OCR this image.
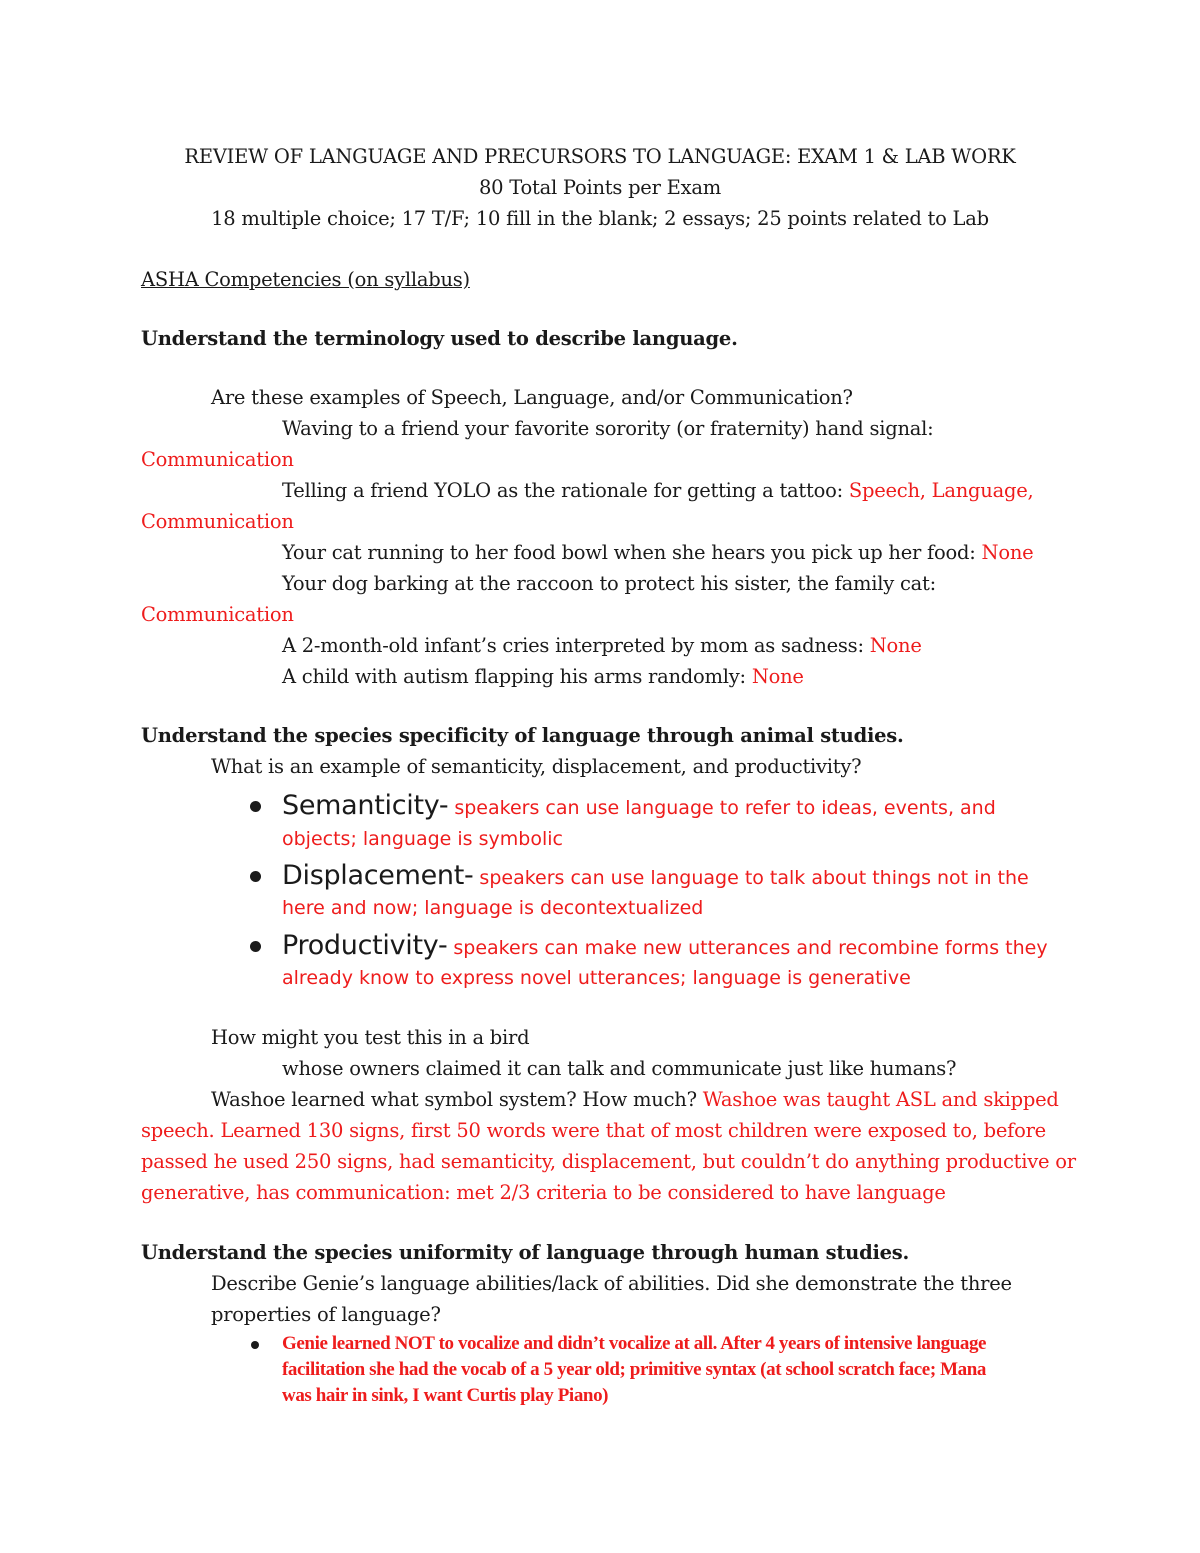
REVIEW OF LANGUAGE AND PRECURSORS TO LANGUAGE: EXAM 1 & LAB WORK
80 Total Points per Exam
18 multiple choice; 17 T/F; 10 fill in the blank; 2 essays; 25 points related to Lab
ASHA Competencies (on syllabus)
Understand the terminology used to describe language.
Are these examples of Speech, Language, and/or Communication?
Waving to a friend your favorite sorority (or fraternity) hand signal:
Communication
Telling a friend YOLO as the rationale for getting a tattoo: Speech, Language,
Communication
Your cat running to her food bowl when she hears you pick up her food: None
Your dog barking at the raccoon to protect his sister, the family cat:
Communication
A 2-month-old infant’s cries interpreted by mom as sadness: None
A child with autism flapping his arms randomly: None
Understand the species specificity of language through animal studies.
What is an example of semanticity, displacement, and productivity?
Semanticity- speakers can use language to refer to ideas, events, and
objects; language is symbolic
Displacement- speakers can use language to talk about things not in the
here and now; language is decontextualized
Productivity- speakers can make new utterances and recombine forms they
already know to express novel utterances; language is generative
How might you test this in a bird
whose owners claimed it can talk and communicate just like humans?
Washoe learned what symbol system? How much? Washoe was taught ASL and skipped
speech. Learned 130 signs, first 50 words were that of most children were exposed to, before
passed he used 250 signs, had semanticity, displacement, but couldn’t do anything productive or
generative, has communication: met 2/3 criteria to be considered to have language
Understand the species uniformity of language through human studies.
Describe Genie’s language abilities/lack of abilities. Did she demonstrate the three
properties of language?
Genie learned NOT to vocalize and didn’t vocalize at all. After 4 years of intensive language
facilitation she had the vocab of a 5 year old; primitive syntax (at school scratch face; Mana
was hair in sink, I want Curtis play Piano)
